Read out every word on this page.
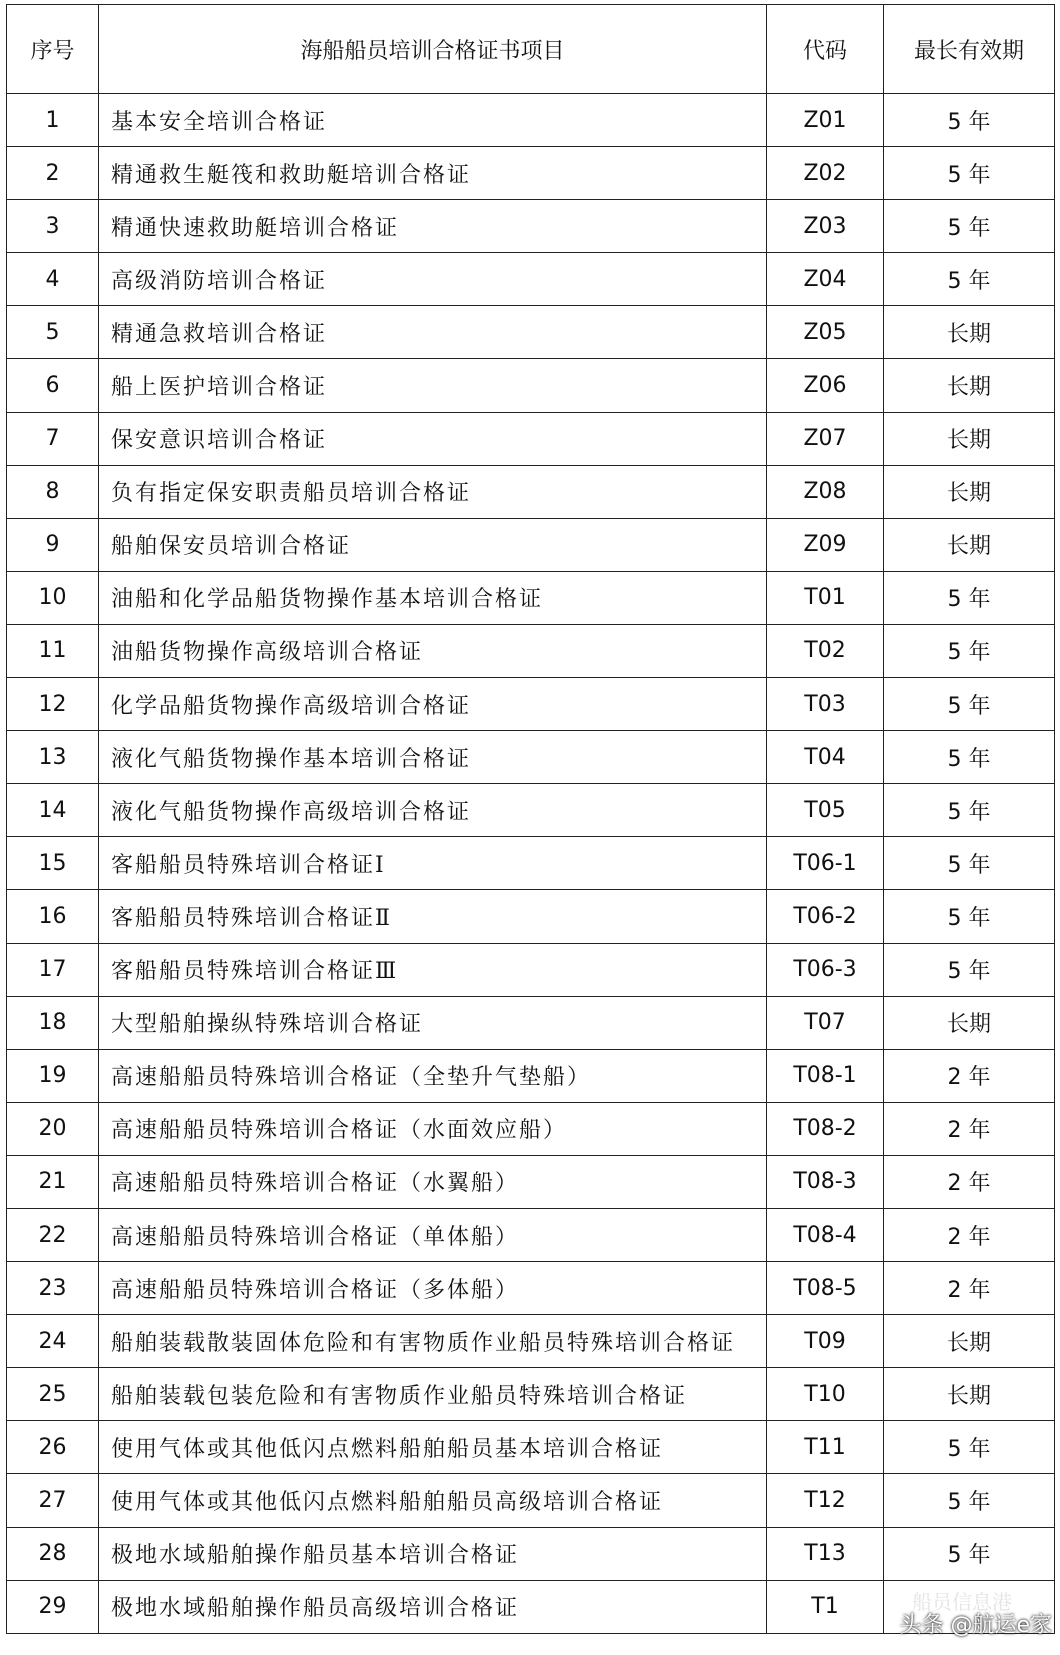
序号	海船船员培训合格证书项目	代码	最长有效期
1	基本安全培训合格证	Z01	5 年
2	精通救生艇筏和救助艇培训合格证	Z02	5 年
3	精通快速救助艇培训合格证	Z03	5 年
4	高级消防培训合格证	Z04	5 年
5	精通急救培训合格证	Z05	长期
6	船上医护培训合格证	Z06	长期
7	保安意识培训合格证	Z07	长期
8	负有指定保安职责船员培训合格证	Z08	长期
9	船舶保安员培训合格证	Z09	长期
10	油船和化学品船货物操作基本培训合格证	T01	5 年
11	油船货物操作高级培训合格证	T02	5 年
12	化学品船货物操作高级培训合格证	T03	5 年
13	液化气船货物操作基本培训合格证	T04	5 年
14	液化气船货物操作高级培训合格证	T05	5 年
15	客船船员特殊培训合格证Ⅰ	T06-1	5 年
16	客船船员特殊培训合格证Ⅱ	T06-2	5 年
17	客船船员特殊培训合格证Ⅲ	T06-3	5 年
18	大型船舶操纵特殊培训合格证	T07	长期
19	高速船船员特殊培训合格证（全垫升气垫船）	T08-1	2 年
20	高速船船员特殊培训合格证（水面效应船）	T08-2	2 年
21	高速船船员特殊培训合格证（水翼船）	T08-3	2 年
22	高速船船员特殊培训合格证（单体船）	T08-4	2 年
23	高速船船员特殊培训合格证（多体船）	T08-5	2 年
24	船舶装载散装固体危险和有害物质作业船员特殊培训合格证	T09	长期
25	船舶装载包装危险和有害物质作业船员特殊培训合格证	T10	长期
26	使用气体或其他低闪点燃料船舶船员基本培训合格证	T11	5 年
27	使用气体或其他低闪点燃料船舶船员高级培训合格证	T12	5 年
28	极地水域船舶操作船员基本培训合格证	T13	5 年
29	极地水域船舶操作船员高级培训合格证	T1		船员信息港
头条 @航运e家
